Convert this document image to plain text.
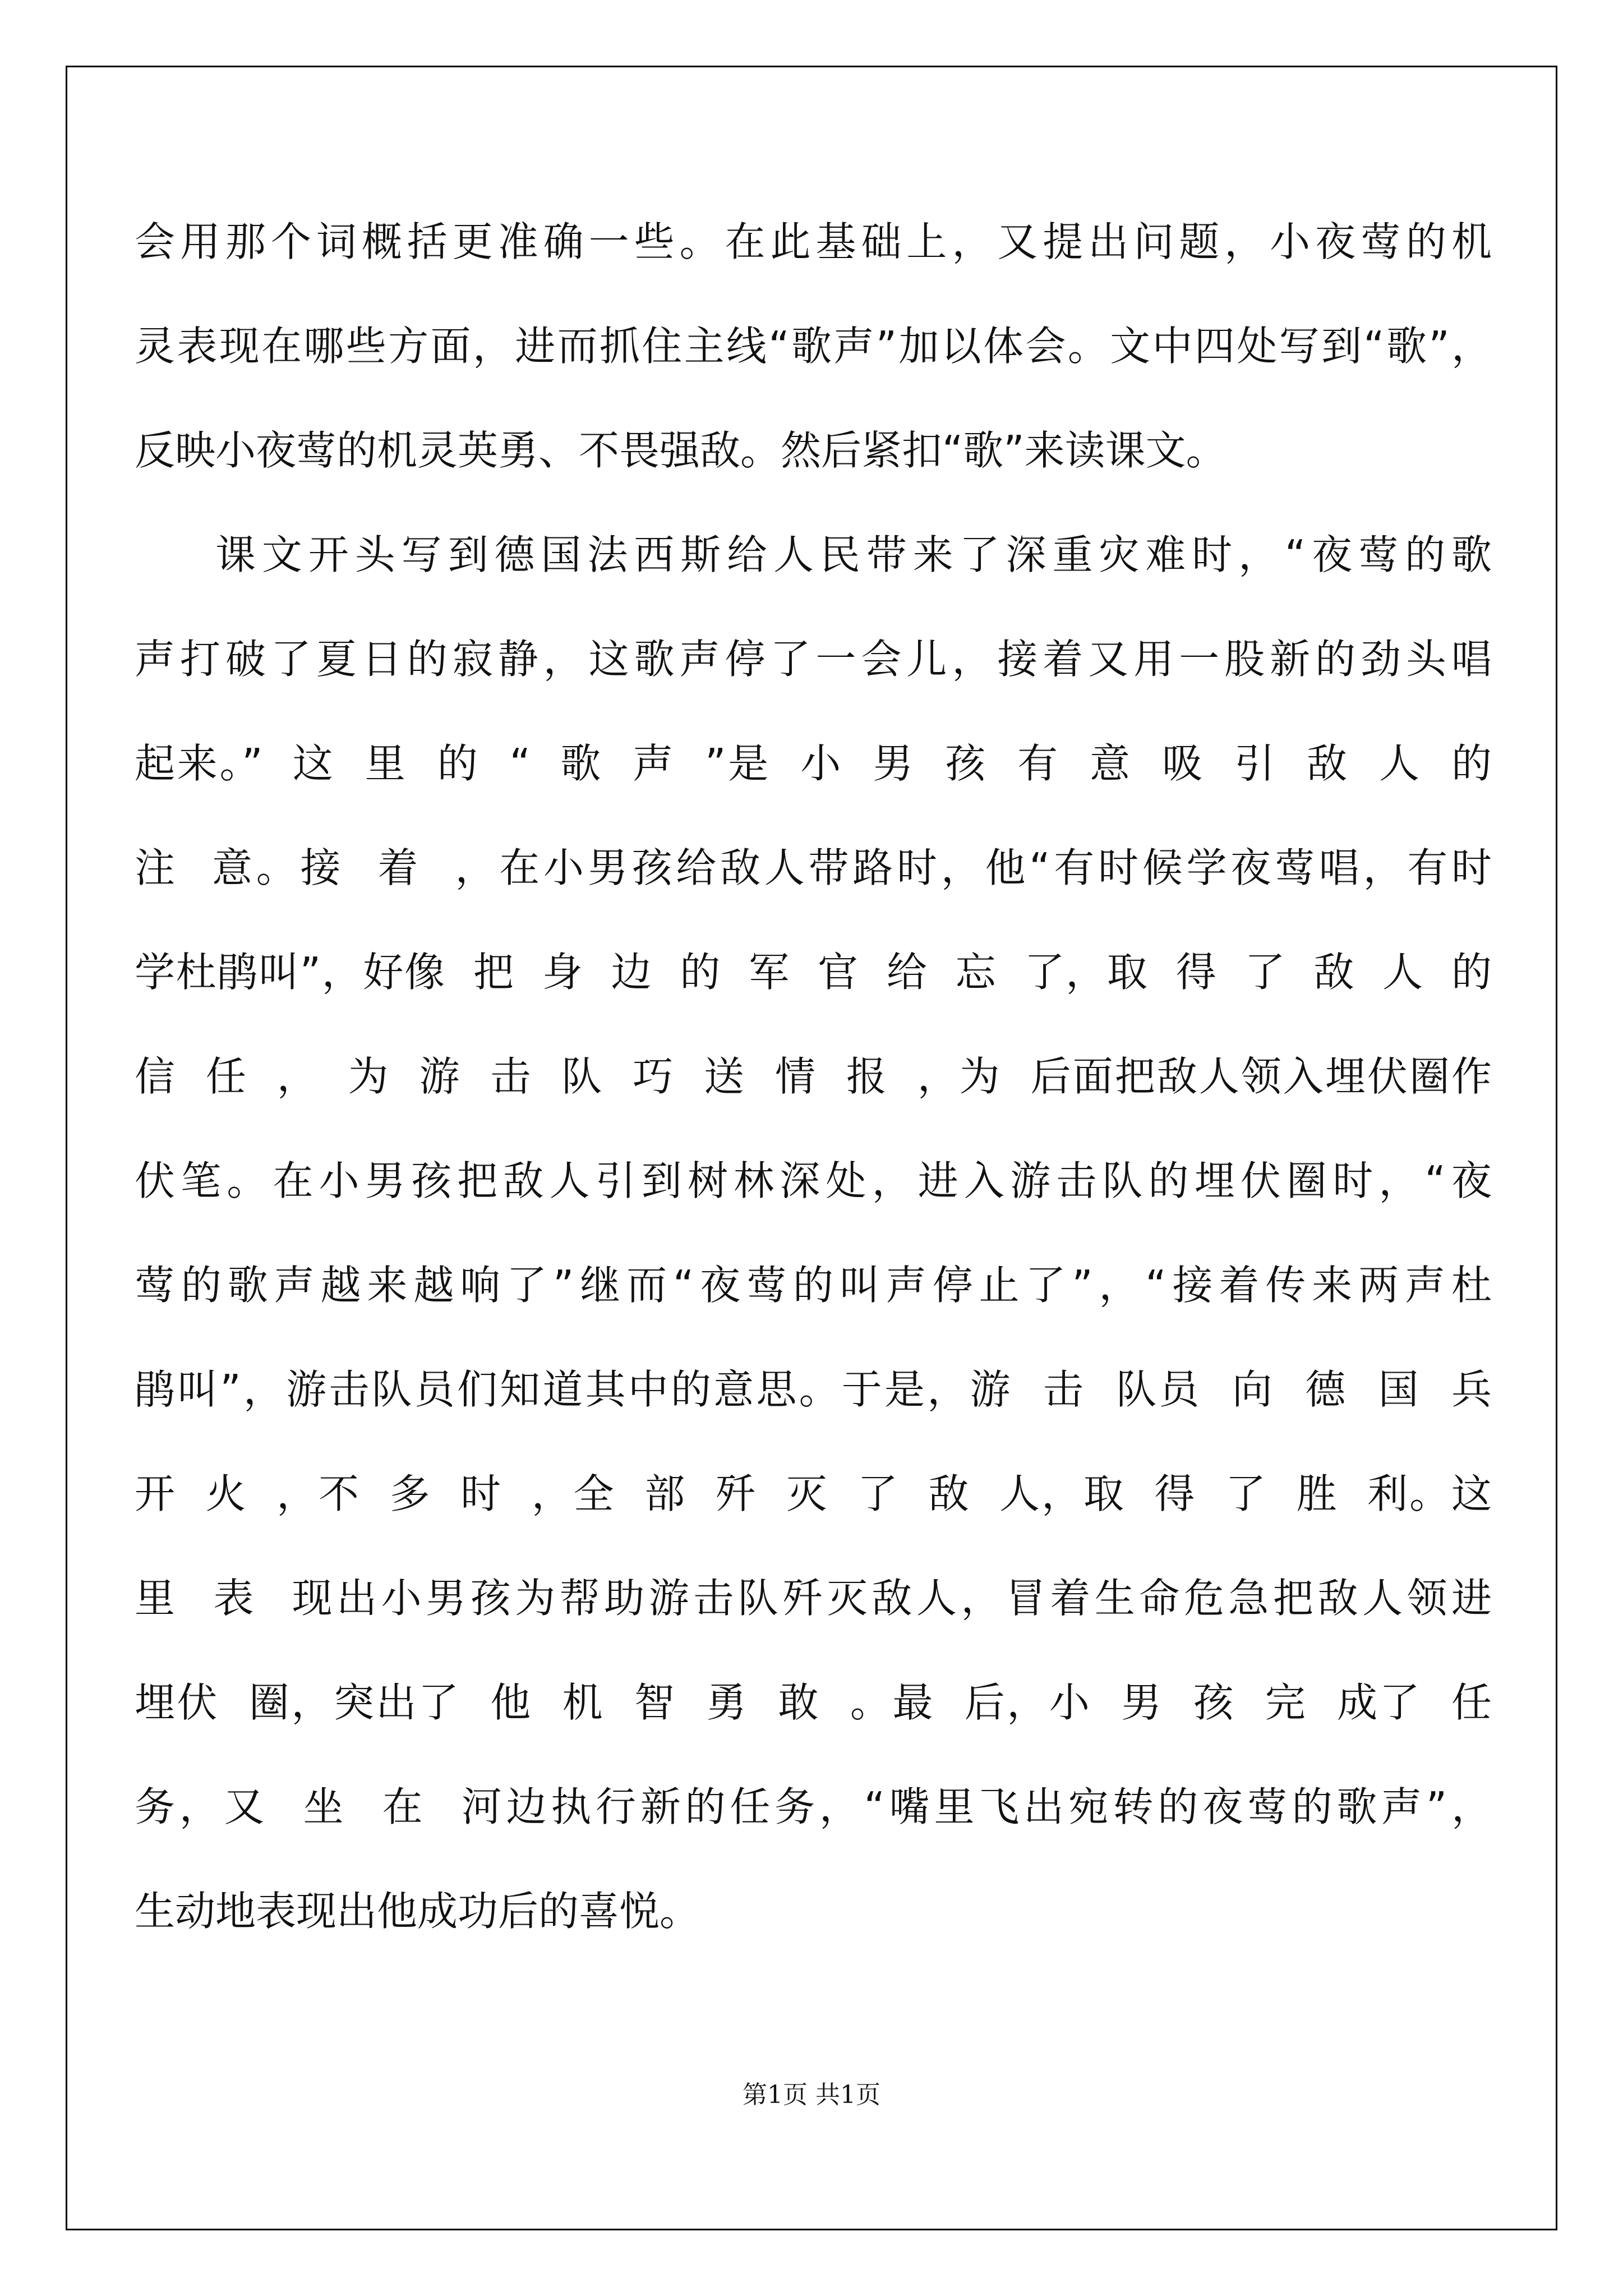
会用那个词概括更准确一些。在此基础上，又提出问题，小夜莺的机
灵表现在哪些方面，进而抓住主线“歌声”加以体会。文中四处写到“歌”，
反映小夜莺的机灵英勇、不畏强敌。然后紧扣“歌”来读课文。
课文开头写到德国法西斯给人民带来了深重灾难时，“夜莺的歌
声打破了夏日的寂静，这歌声停了一会儿，接着又用一股新的劲头唱
起来。”  这  里  的  “  歌  声  ”是  小  男  孩  有  意  吸  引  敌  人  的
注  意。接  着  ，在小男孩给敌人带路时，他“有时候学夜莺唱，有时
学杜鹃叫”，好像  把  身  边  的  军  官  给  忘  了，取  得  了  敌  人  的
信  任  ，  为  游  击  队  巧  送  情  报  ，为  后面把敌人领入埋伏圈作
伏笔。在小男孩把敌人引到树林深处，进入游击队的埋伏圈时，“夜
莺的歌声越来越响了”继而“夜莺的叫声停止了”，“接着传来两声杜
鹃叫”，游击队员们知道其中的意思。于是，游  击  队员  向  德  国  兵
开  火  ，不  多  时  ，全  部  歼  灭  了  敌  人，取  得  了  胜  利。这
里  表  现出小男孩为帮助游击队歼灭敌人，冒着生命危急把敌人领进
埋伏  圈，突出了  他  机  智  勇  敢  。最  后，小  男  孩  完  成了  任
务，又  坐  在  河边执行新的任务，“嘴里飞出宛转的夜莺的歌声”，
生动地表现出他成功后的喜悦。
第1页 共1页
